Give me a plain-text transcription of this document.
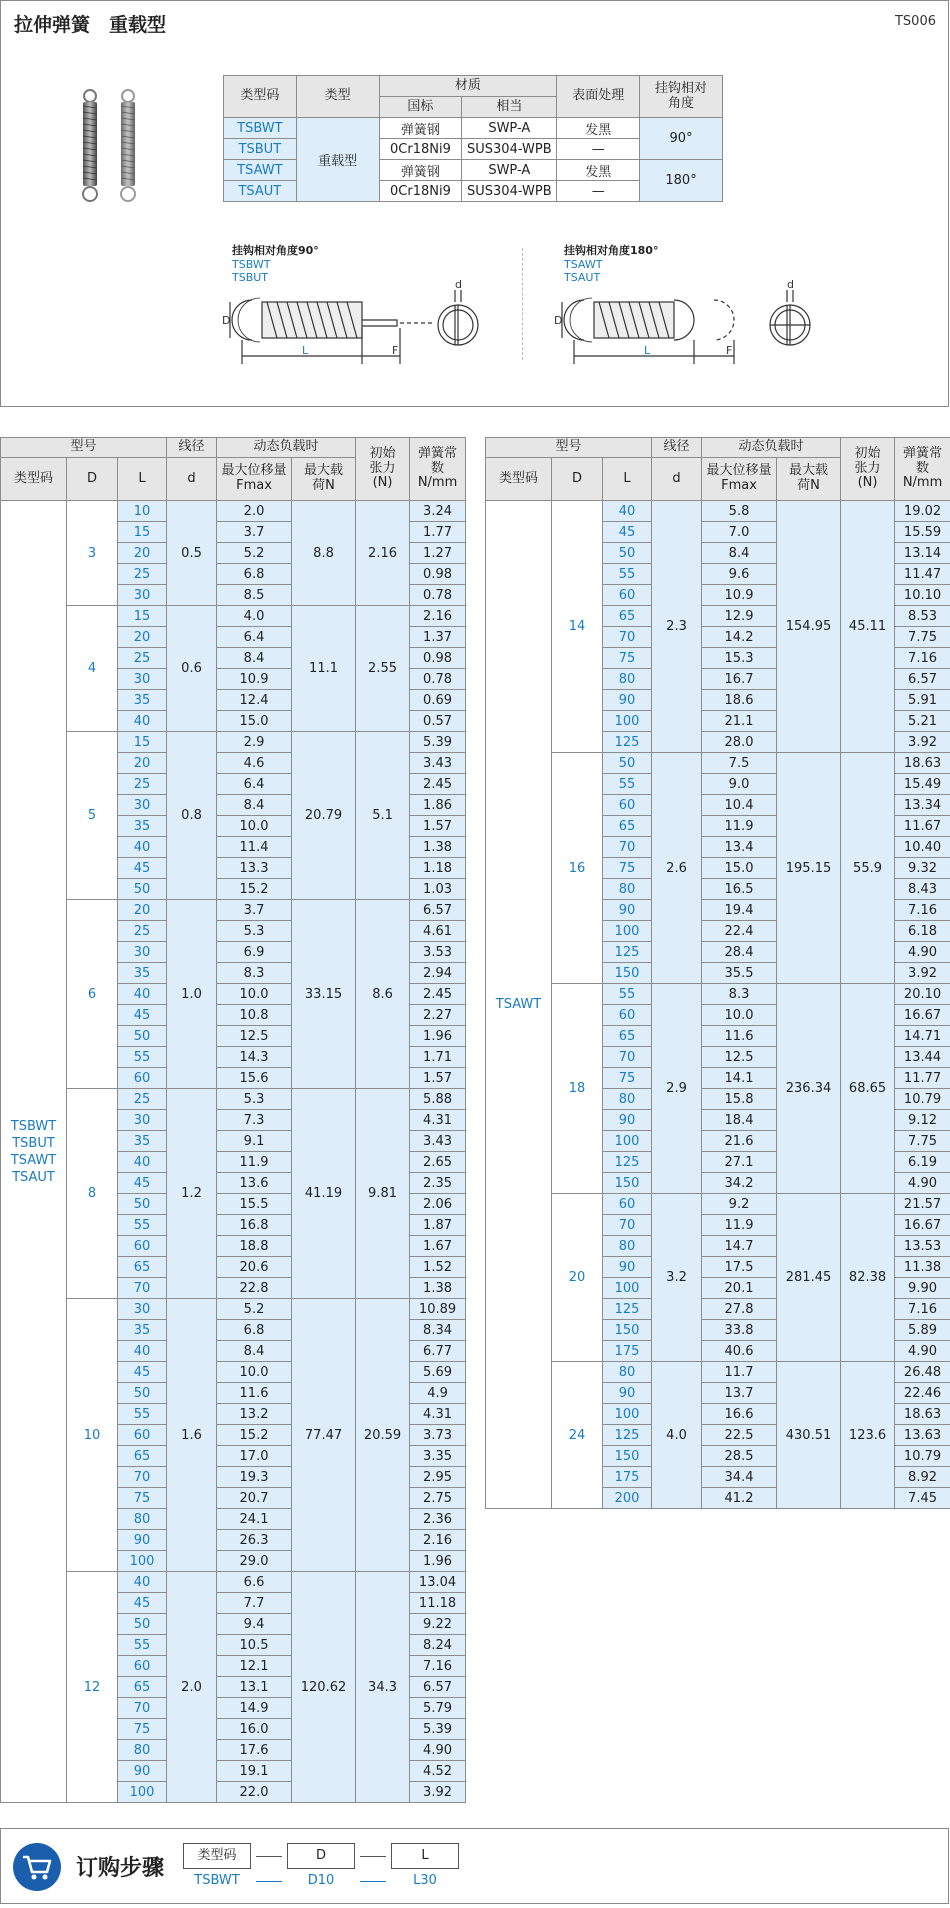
拉伸弹簧　重载型	TS006
类型码	类型	材质		表面处理	挂钩相对角度
		国标	相当		
TSBWT	重载型	弹簧钢	SWP-A	发黑	90°
TSBUT		0Cr18Ni9	SUS304-WPB	—	
TSAWT		弹簧钢	SWP-A	发黑	180°
TSAUT		0Cr18Ni9	SUS304-WPB	—	
挂钩相对角度90°
TSBWT
TSBUT
D
L	F
d
挂钩相对角度180°
TSAWT
TSAUT
D
L	F
d
型号			线径	动态负载时		初始张力(N)	弹簧常数N/mm
类型码	D	L	d	最大位移量Fmax	最大载荷N		

TSBWT
TSBUT
TSAWT
TSAUT	3	10	0.5	2.0	8.8	2.16	3.24
		15		3.7			1.77
		20		5.2			1.27
		25		6.8			0.98
		30		8.5			0.78
	4	15	0.6	4.0	11.1	2.55	2.16
		20		6.4			1.37
		25		8.4			0.98
		30		10.9			0.78
		35		12.4			0.69
		40		15.0			0.57
	5	15	0.8	2.9	20.79	5.1	5.39
		20		4.6			3.43
		25		6.4			2.45
		30		8.4			1.86
		35		10.0			1.57
		40		11.4			1.38
		45		13.3			1.18
		50		15.2			1.03
	6	20	1.0	3.7	33.15	8.6	6.57
		25		5.3			4.61
		30		6.9			3.53
		35		8.3			2.94
		40		10.0			2.45
		45		10.8			2.27
		50		12.5			1.96
		55		14.3			1.71
		60		15.6			1.57
	8	25	1.2	5.3	41.19	9.81	5.88
		30		7.3			4.31
		35		9.1			3.43
		40		11.9			2.65
		45		13.6			2.35
		50		15.5			2.06
		55		16.8			1.87
		60		18.8			1.67
		65		20.6			1.52
		70		22.8			1.38
	10	30	1.6	5.2	77.47	20.59	10.89
		35		6.8			8.34
		40		8.4			6.77
		45		10.0			5.69
		50		11.6			4.9
		55		13.2			4.31
		60		15.2			3.73
		65		17.0			3.35
		70		19.3			2.95
		75		20.7			2.75
		80		24.1			2.36
		90		26.3			2.16
		100		29.0			1.96
	12	40	2.0	6.6	120.62	34.3	13.04
		45		7.7			11.18
		50		9.4			9.22
		55		10.5			8.24
		60		12.1			7.16
		65		13.1			6.57
		70		14.9			5.79
		75		16.0			5.39
		80		17.6			4.90
		90		19.1			4.52
		100		22.0			3.92
型号			线径	动态负载时		初始张力(N)	弹簧常数N/mm
类型码	D	L	d	最大位移量Fmax	最大载荷N		

TSAWT	14	40	2.3	5.8	154.95	45.11	19.02
		45		7.0			15.59
		50		8.4			13.14
		55		9.6			11.47
		60		10.9			10.10
		65		12.9			8.53
		70		14.2			7.75
		75		15.3			7.16
		80		16.7			6.57
		90		18.6			5.91
		100		21.1			5.21
		125		28.0			3.92
	16	50	2.6	7.5	195.15	55.9	18.63
		55		9.0			15.49
		60		10.4			13.34
		65		11.9			11.67
		70		13.4			10.40
		75		15.0			9.32
		80		16.5			8.43
		90		19.4			7.16
		100		22.4			6.18
		125		28.4			4.90
		150		35.5			3.92
	18	55	2.9	8.3	236.34	68.65	20.10
		60		10.0			16.67
		65		11.6			14.71
		70		12.5			13.44
		75		14.1			11.77
		80		15.8			10.79
		90		18.4			9.12
		100		21.6			7.75
		125		27.1			6.19
		150		34.2			4.90
	20	60	3.2	9.2	281.45	82.38	21.57
		70		11.9			16.67
		80		14.7			13.53
		90		17.5			11.38
		100		20.1			9.90
		125		27.8			7.16
		150		33.8			5.89
		175		40.6			4.90
	24	80	4.0	11.7	430.51	123.6	26.48
		90		13.7			22.46
		100		16.6			18.63
		125		22.5			13.63
		150		28.5			10.79
		175		34.4			8.92
		200		41.2			7.45
订购步骤
类型码	D	L
TSBWT	D10	L30
